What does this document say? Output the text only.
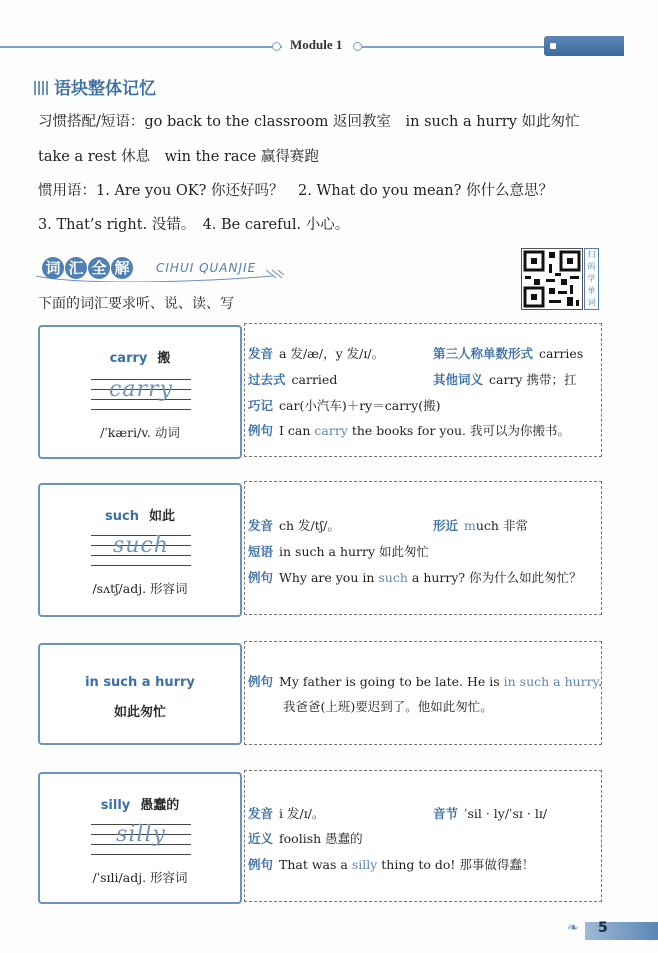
Module 1
语块整体记忆
习惯搭配/短语：go back to the classroom 返回教室　in such a hurry 如此匆忙
take a rest 休息　win the race 赢得赛跑
惯用语：1. Are you OK? 你还好吗？　2. What do you mean? 你什么意思？
3. That’s right. 没错。　4. Be careful. 小心。
词 汇 全 解	CIHUI QUANJIE
扫码学单词
下面的词汇要求听、说、读、写
carry 搬
carry
/ˈkæri/v. 动词
发音 a 发/æ/，y 发/ɪ/。
过去式 carried
巧记 car(小汽车)＋ry＝carry(搬)
例句 I can carry the books for you. 我可以为你搬书。
第三人称单数形式 carries
其他词义 carry 携带；扛
such 如此
such
/sʌtʃ/adj. 形容词
发音 ch 发/tʃ/。
短语 in such a hurry 如此匆忙
例句 Why are you in such a hurry? 你为什么如此匆忙？
形近 much 非常
in such a hurry
如此匆忙
例句 My father is going to be late. He is in such a hurry.
我爸爸(上班)要迟到了。他如此匆忙。
silly 愚蠢的
silly
/ˈsɪli/adj. 形容词
发音 i 发/ɪ/。
近义 foolish 愚蠢的
例句 That was a silly thing to do! 那事做得蠢！
音节 ˈsil · ly/ˈsɪ · lɪ/
❧ 5
